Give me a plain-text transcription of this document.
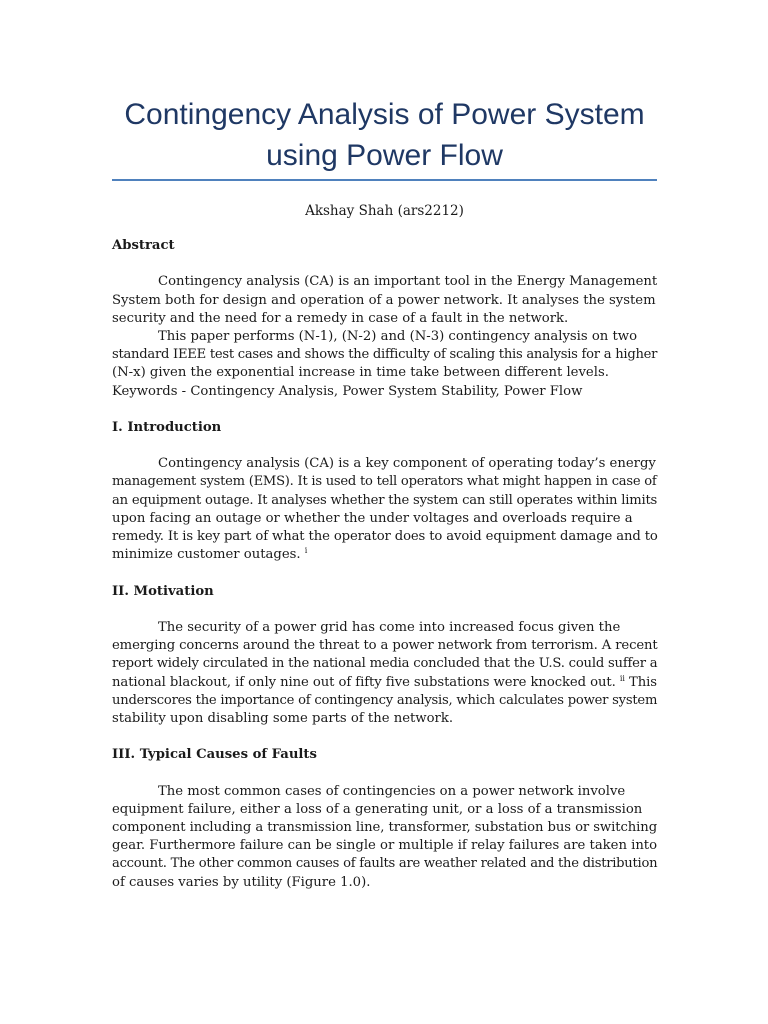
Contingency Analysis of Power System
using Power Flow
Akshay Shah (ars2212)
Abstract
Contingency analysis (CA) is an important tool in the Energy Management
System both for design and operation of a power network. It analyses the system
security and the need for a remedy in case of a fault in the network.
This paper performs (N-1), (N-2) and (N-3) contingency analysis on two
standard IEEE test cases and shows the difficulty of scaling this analysis for a higher
(N-x) given the exponential increase in time take between different levels.
Keywords - Contingency Analysis, Power System Stability, Power Flow
I. Introduction
Contingency analysis (CA) is a key component of operating today’s energy
management system (EMS). It is used to tell operators what might happen in case of
an equipment outage. It analyses whether the system can still operates within limits
upon facing an outage or whether the under voltages and overloads require a
remedy. It is key part of what the operator does to avoid equipment damage and to
minimize customer outages. $^i$
II. Motivation
The security of a power grid has come into increased focus given the
emerging concerns around the threat to a power network from terrorism. A recent
report widely circulated in the national media concluded that the U.S. could suffer a
national blackout, if only nine out of fifty five substations were knocked out. $^{ii}$ This
underscores the importance of contingency analysis, which calculates power system
stability upon disabling some parts of the network.
III. Typical Causes of Faults
The most common cases of contingencies on a power network involve
equipment failure, either a loss of a generating unit, or a loss of a transmission
component including a transmission line, transformer, substation bus or switching
gear. Furthermore failure can be single or multiple if relay failures are taken into
account. The other common causes of faults are weather related and the distribution
of causes varies by utility (Figure 1.0).
